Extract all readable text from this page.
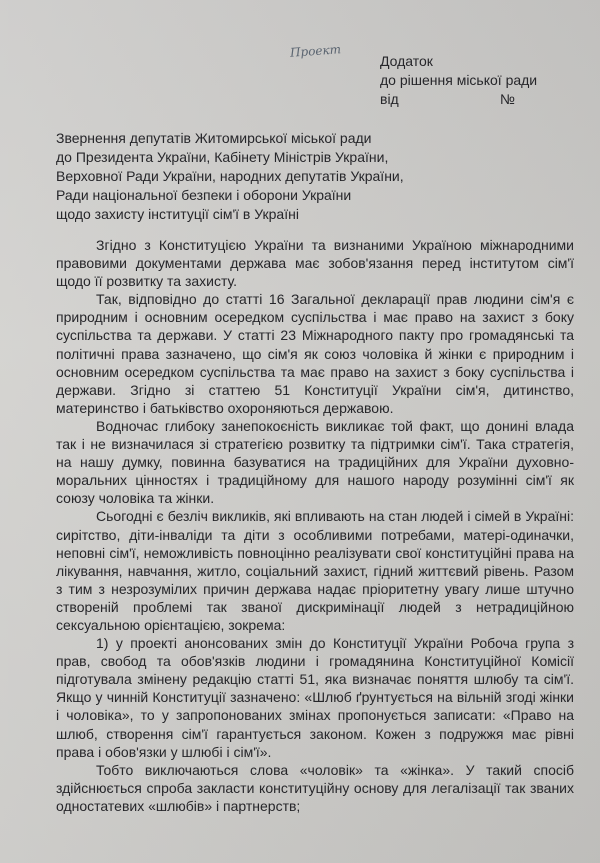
Проект
Додаток
до рішення міської ради
від                          №
Звернення депутатів Житомирської міської ради
до Президента України, Кабінету Міністрів України,
Верховної Ради України, народних депутатів України,
Ради національної безпеки і оборони України
щодо захисту інституції сім'ї в Україні

Згідно з Конституцією України та визнаними Україною міжнародними правовими документами держава має зобов'язання перед інститутом сім'ї щодо її розвитку та захисту.

Так, відповідно до статті 16 Загальної декларації прав людини сім'я є природним і основним осередком суспільства і має право на захист з боку суспільства та держави. У статті 23 Міжнародного пакту про громадянські та політичні права зазначено, що сім'я як союз чоловіка й жінки є природним і основним осередком суспільства та має право на захист з боку суспільства і держави. Згідно зі статтею 51 Конституції України сім'я, дитинство, материнство і батьківство охороняються державою.

Водночас глибоку занепокоєність викликає той факт, що донині влада так і не визначилася зі стратегією розвитку та підтримки сім'ї. Така стратегія, на нашу думку, повинна базуватися на традиційних для України духовно-моральних цінностях і традиційному для нашого народу розумінні сім'ї як союзу чоловіка та жінки.

Сьогодні є безліч викликів, які впливають на стан людей і сімей в Україні: сирітство, діти-інваліди та діти з особливими потребами, матері-одиначки, неповні сім'ї, неможливість повноцінно реалізувати свої конституційні права на лікування, навчання, житло, соціальний захист, гідний життєвий рівень. Разом з тим з незрозумілих причин держава надає пріоритетну увагу лише штучно створеній проблемі так званої дискримінації людей з нетрадиційною сексуальною орієнтацією, зокрема:

1) у проекті анонсованих змін до Конституції України Робоча група з прав, свобод та обов'язків людини і громадянина Конституційної Комісії підготувала змінену редакцію статті 51, яка визначає поняття шлюбу та сім'ї. Якщо у чинній Конституції зазначено: «Шлюб ґрунтується на вільній згоді жінки і чоловіка», то у запропонованих змінах пропонується записати: «Право на шлюб, створення сім'ї гарантується законом. Кожен з подружжя має рівні права і обов'язки у шлюбі і сім'ї».

Тобто виключаються слова «чоловік» та «жінка». У такий спосіб здійснюється спроба закласти конституційну основу для легалізації так званих одностатевих «шлюбів» і партнерств;
